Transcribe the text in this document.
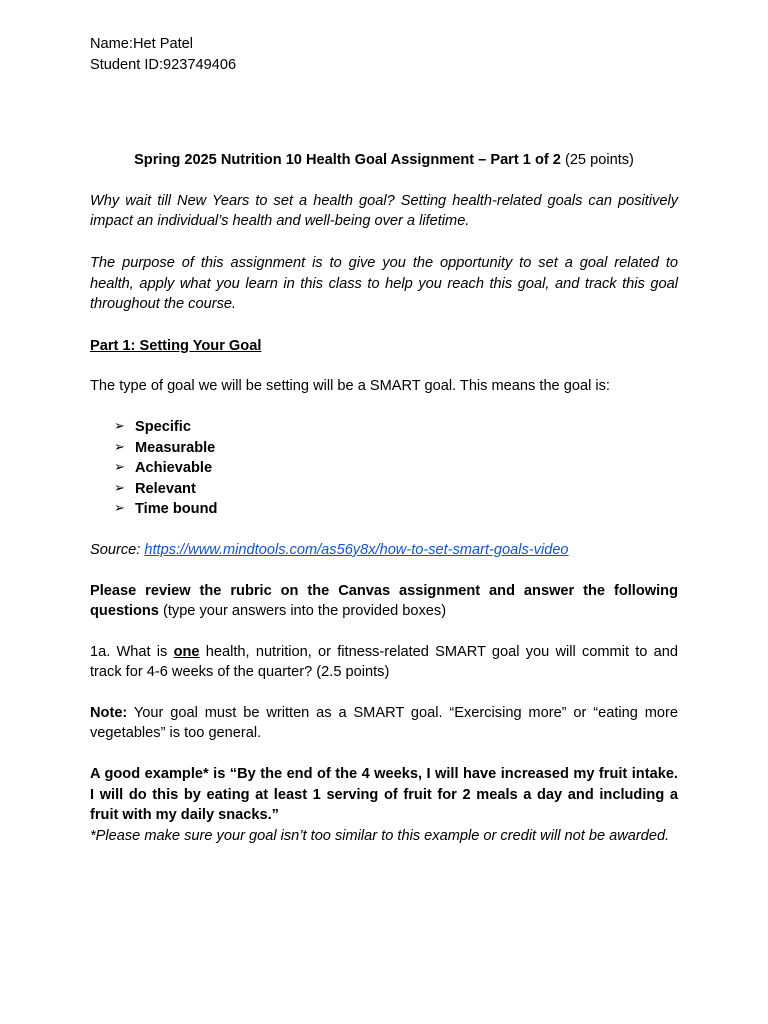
Name:Het Patel

Student ID:923749406

Spring 2025 Nutrition 10 Health Goal Assignment – Part 1 of 2 (25 points)

Why wait till New Years to set a health goal? Setting health-related goals can positively impact an individual’s health and well-being over a lifetime.

The purpose of this assignment is to give you the opportunity to set a goal related to health, apply what you learn in this class to help you reach this goal, and track this goal throughout the course.

Part 1: Setting Your Goal

The type of goal we will be setting will be a SMART goal. This means the goal is:

➢ Specific
➢ Measurable
➢ Achievable
➢ Relevant
➢ Time bound

Source: https://www.mindtools.com/as56y8x/how-to-set-smart-goals-video

Please review the rubric on the Canvas assignment and answer the following questions (type your answers into the provided boxes)

1a. What is one health, nutrition, or fitness-related SMART goal you will commit to and track for 4-6 weeks of the quarter? (2.5 points)

Note: Your goal must be written as a SMART goal. “Exercising more” or “eating more vegetables” is too general.

A good example* is “By the end of the 4 weeks, I will have increased my fruit intake. I will do this by eating at least 1 serving of fruit for 2 meals a day and including a fruit with my daily snacks.”

*Please make sure your goal isn’t too similar to this example or credit will not be awarded.
